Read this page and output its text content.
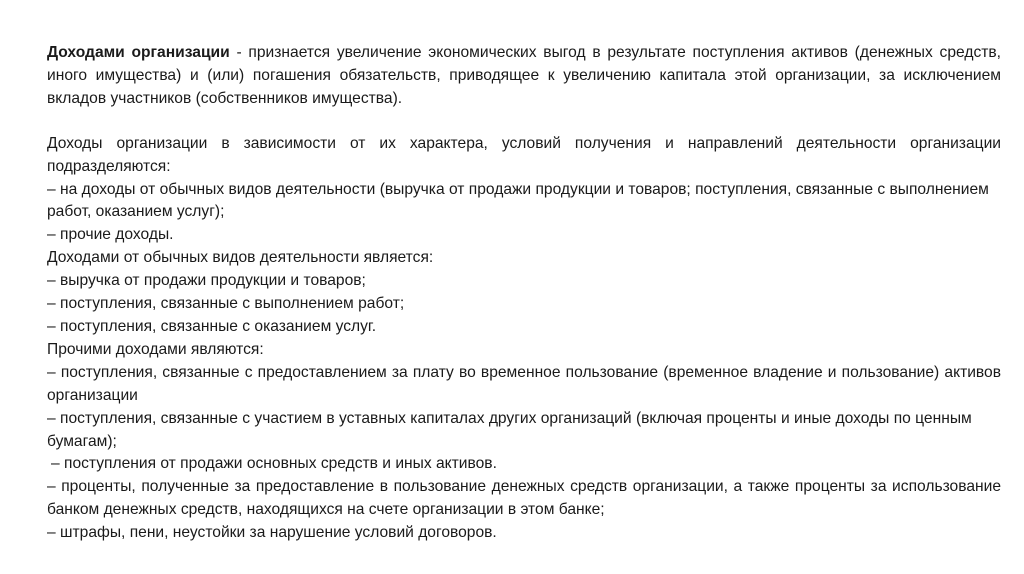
Доходами организации - признается увеличение экономических выгод в результате поступления активов (денежных средств, иного имущества) и (или) погашения обязательств, приводящее к увеличению капитала этой организации, за исключением вкладов участников (собственников имущества).

Доходы организации в зависимости от их характера, условий получения и направлений деятельности организации подразделяются:

– на доходы от обычных видов деятельности (выручка от продажи продукции и товаров; поступления, связанные с выполнением работ, оказанием услуг);

– прочие доходы.

Доходами от обычных видов деятельности является:

– выручка от продажи продукции и товаров;

– поступления, связанные с выполнением работ;

– поступления, связанные с оказанием услуг.

Прочими доходами являются:

– поступления, связанные с предоставлением за плату во временное пользование (временное владение и пользование) активов организации

– поступления, связанные с участием в уставных капиталах других организаций (включая проценты и иные доходы по ценным бумагам);

– поступления от продажи основных средств и иных активов.

– проценты, полученные за предоставление в пользование денежных средств организации, а также проценты за использование банком денежных средств, находящихся на счете организации в этом банке;

– штрафы, пени, неустойки за нарушение условий договоров.
